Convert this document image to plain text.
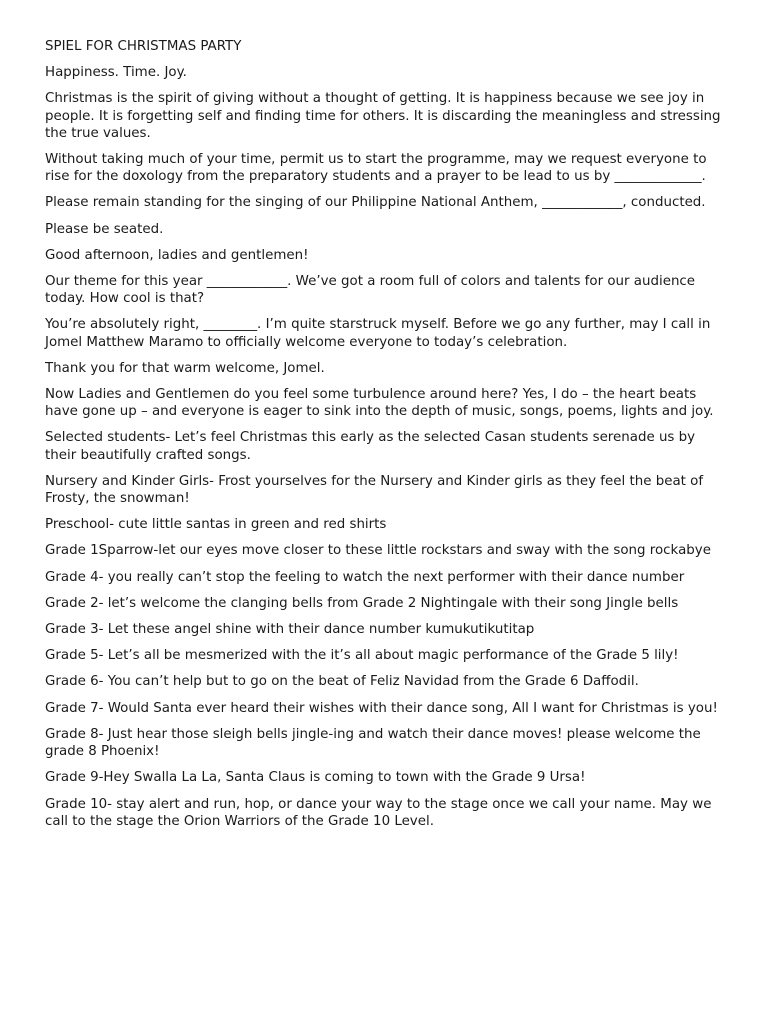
SPIEL FOR CHRISTMAS PARTY

Happiness. Time. Joy.

Christmas is the spirit of giving without a thought of getting. It is happiness because we see joy in people. It is forgetting self and finding time for others. It is discarding the meaningless and stressing the true values.

Without taking much of your time, permit us to start the programme, may we request everyone to rise for the doxology from the preparatory students and a prayer to be lead to us by _____________.

Please remain standing for the singing of our Philippine National Anthem, ____________, conducted.

Please be seated.

Good afternoon, ladies and gentlemen!

Our theme for this year ____________. We’ve got a room full of colors and talents for our audience today. How cool is that?

You’re absolutely right, ________. I’m quite starstruck myself. Before we go any further, may I call in Jomel Matthew Maramo to officially welcome everyone to today’s celebration.

Thank you for that warm welcome, Jomel.

Now Ladies and Gentlemen do you feel some turbulence around here? Yes, I do – the heart beats have gone up – and everyone is eager to sink into the depth of music, songs, poems, lights and joy.

Selected students- Let’s feel Christmas this early as the selected Casan students serenade us by their beautifully crafted songs.

Nursery and Kinder Girls- Frost yourselves for the Nursery and Kinder girls as they feel the beat of Frosty, the snowman!

Preschool- cute little santas in green and red shirts

Grade 1Sparrow-let our eyes move closer to these little rockstars and sway with the song rockabye

Grade 4- you really can’t stop the feeling to watch the next performer with their dance number

Grade 2- let’s welcome the clanging bells from Grade 2 Nightingale with their song Jingle bells

Grade 3- Let these angel shine with their dance number kumukutikutitap

Grade 5- Let’s all be mesmerized with the it’s all about magic performance of the Grade 5 lily!

Grade 6- You can’t help but to go on the beat of Feliz Navidad from the Grade 6 Daffodil.

Grade 7- Would Santa ever heard their wishes with their dance song, All I want for Christmas is you!

Grade 8- Just hear those sleigh bells jingle-ing and watch their dance moves! please welcome the grade 8 Phoenix!

Grade 9-Hey Swalla La La, Santa Claus is coming to town with the Grade 9 Ursa!

Grade 10- stay alert and run, hop, or dance your way to the stage once we call your name. May we call to the stage the Orion Warriors of the Grade 10 Level.
